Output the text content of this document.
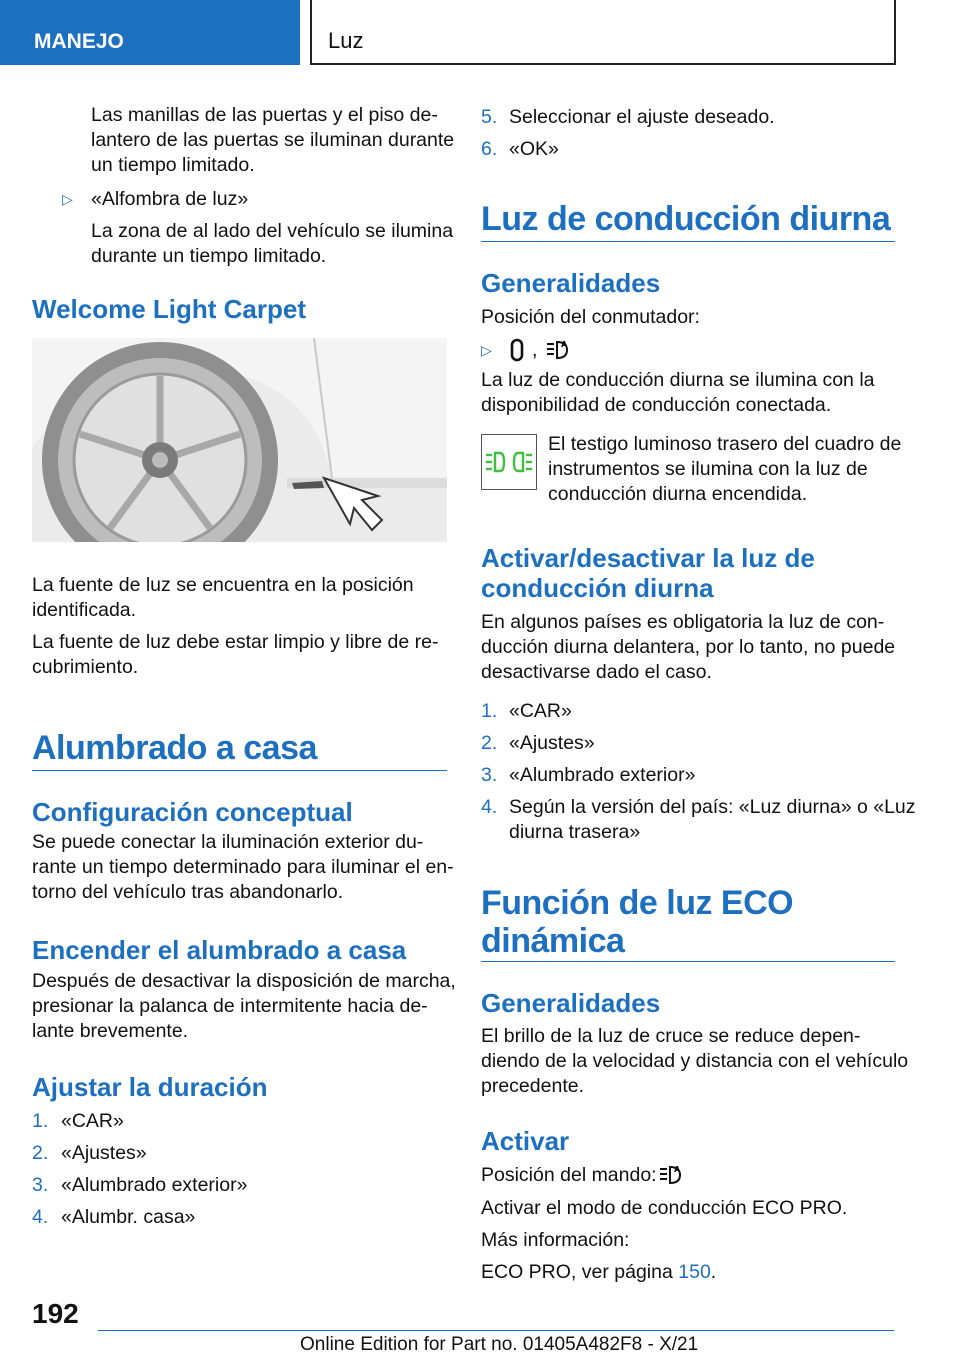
MANEJO	Luz

Las manillas de las puertas y el piso de-
lantero de las puertas se iluminan durante
un tiempo limitado.

▷ «Alfombra de luz»

La zona de al lado del vehículo se ilumina
durante un tiempo limitado.

Welcome Light Carpet

La fuente de luz se encuentra en la posición
identificada.

La fuente de luz debe estar limpio y libre de re-
cubrimiento.

Alumbrado a casa
Configuración conceptual

Se puede conectar la iluminación exterior du-
rante un tiempo determinado para iluminar el en-
torno del vehículo tras abandonarlo.

Encender el alumbrado a casa

Después de desactivar la disposición de marcha,
presionar la palanca de intermitente hacia de-
lante brevemente.

Ajustar la duración
1. «CAR»
2. «Ajustes»
3. «Alumbrado exterior»
4. «Alumbr. casa»
5. Seleccionar el ajuste deseado.
6. «OK»
Luz de conducción diurna
Generalidades

Posición del conmutador:

▷ ,	A

La luz de conducción diurna se ilumina con la
disponibilidad de conducción conectada.

El testigo luminoso trasero del cuadro de
instrumentos se ilumina con la luz de
conducción diurna encendida.

Activar/desactivar la luz de
conducción diurna

En algunos países es obligatoria la luz de con-
ducción diurna delantera, por lo tanto, no puede
desactivarse dado el caso.

1. «CAR»
2. «Ajustes»
3. «Alumbrado exterior»
4. Según la versión del país: «Luz diurna» o «Luz
diurna trasera»
Función de luz ECO
dinámica
Generalidades

El brillo de la luz de cruce se reduce depen-
diendo de la velocidad y distancia con el vehículo
precedente.

Activar

Posición del mando: A

Activar el modo de conducción ECO PRO.

Más información:

ECO PRO, ver página 150.

192
Online Edition for Part no. 01405A482F8 - X/21
